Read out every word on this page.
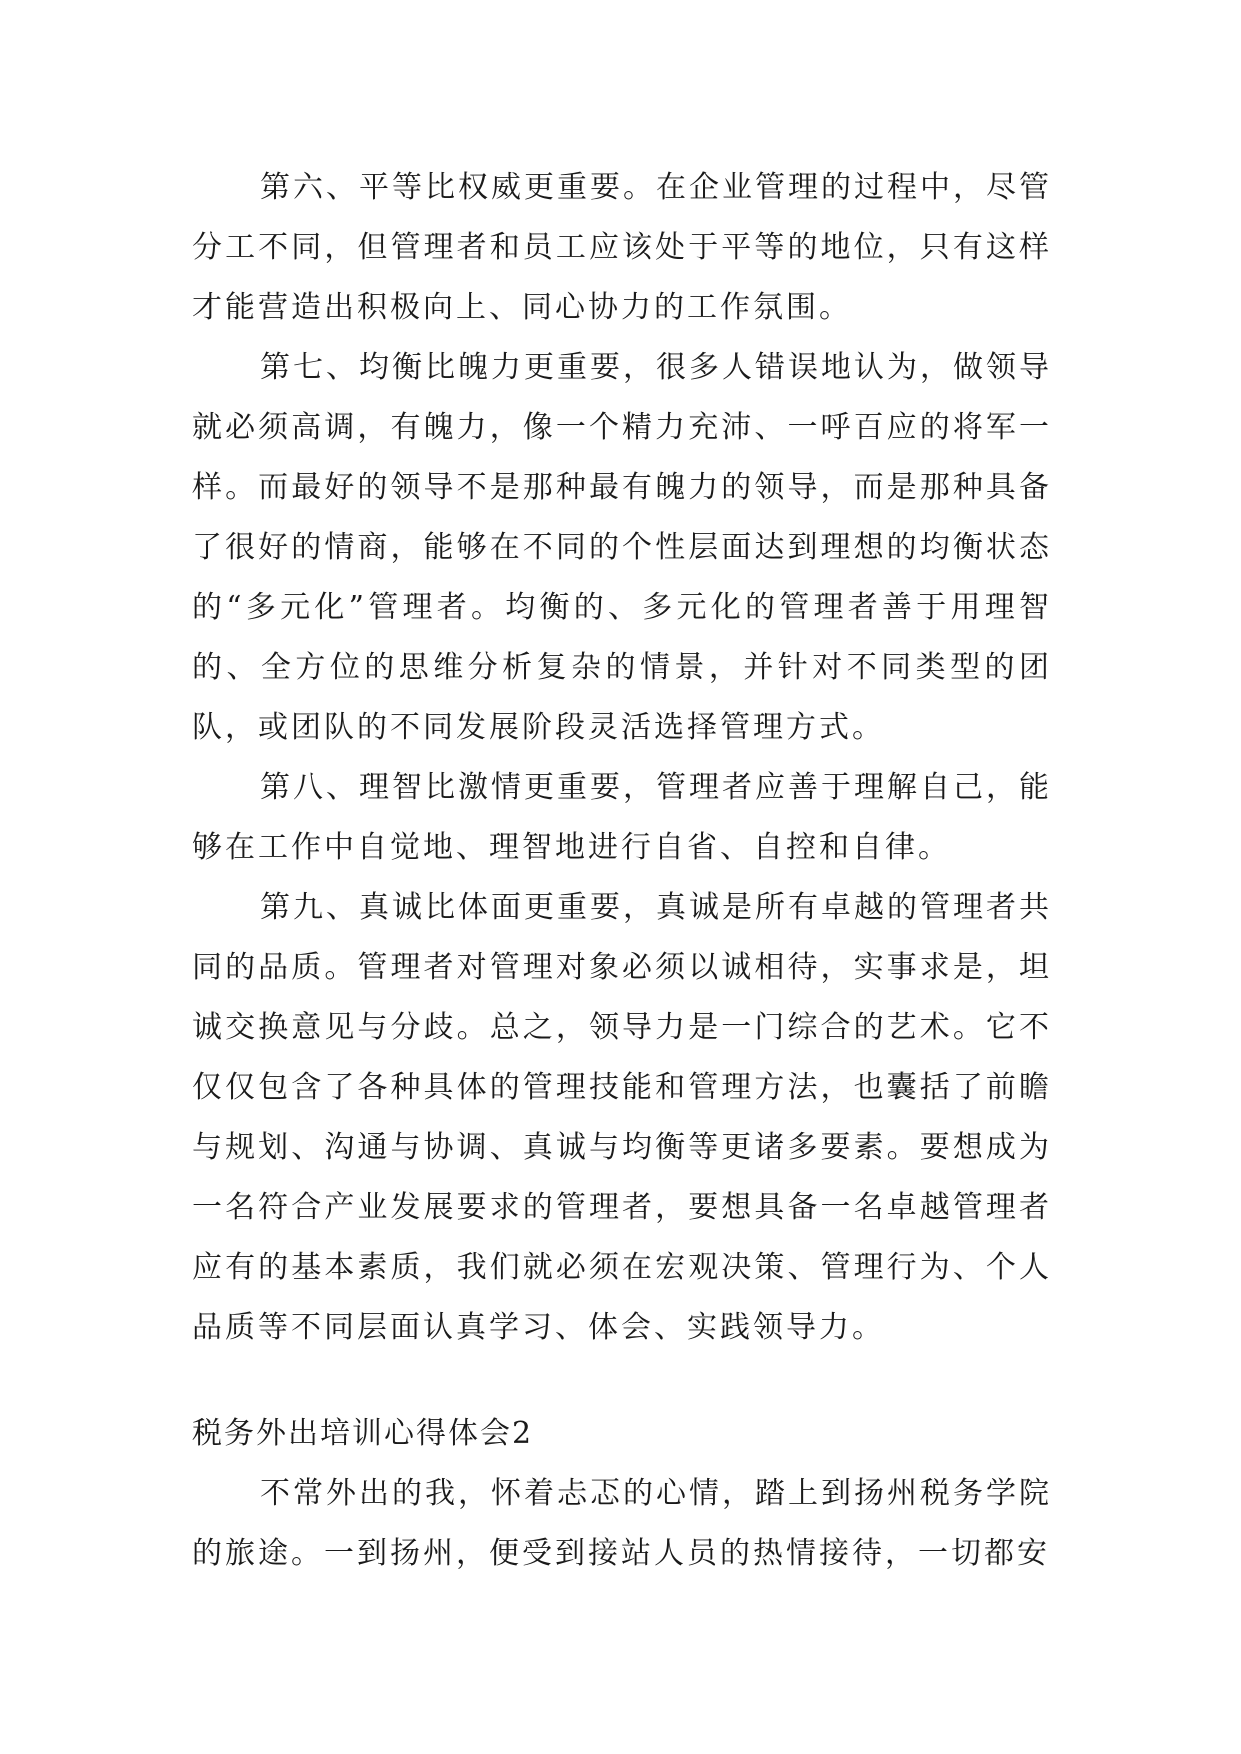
第六、平等比权威更重要。在企业管理的过程中，尽管分工不同，但管理者和员工应该处于平等的地位，只有这样才能营造出积极向上、同心协力的工作氛围。

第七、均衡比魄力更重要，很多人错误地认为，做领导就必须高调，有魄力，像一个精力充沛、一呼百应的将军一样。而最好的领导不是那种最有魄力的领导，而是那种具备了很好的情商，能够在不同的个性层面达到理想的均衡状态的“多元化”管理者。均衡的、多元化的管理者善于用理智的、全方位的思维分析复杂的情景，并针对不同类型的团队，或团队的不同发展阶段灵活选择管理方式。

第八、理智比激情更重要，管理者应善于理解自己，能够在工作中自觉地、理智地进行自省、自控和自律。

第九、真诚比体面更重要，真诚是所有卓越的管理者共同的品质。管理者对管理对象必须以诚相待，实事求是，坦诚交换意见与分歧。总之，领导力是一门综合的艺术。它不仅仅包含了各种具体的管理技能和管理方法，也囊括了前瞻与规划、沟通与协调、真诚与均衡等更诸多要素。要想成为一名符合产业发展要求的管理者，要想具备一名卓越管理者应有的基本素质，我们就必须在宏观决策、管理行为、个人品质等不同层面认真学习、体会、实践领导力。

税务外出培训心得体会2

不常外出的我，怀着忐忑的心情，踏上到扬州税务学院的旅途。一到扬州，便受到接站人员的热情接待，一切都安
